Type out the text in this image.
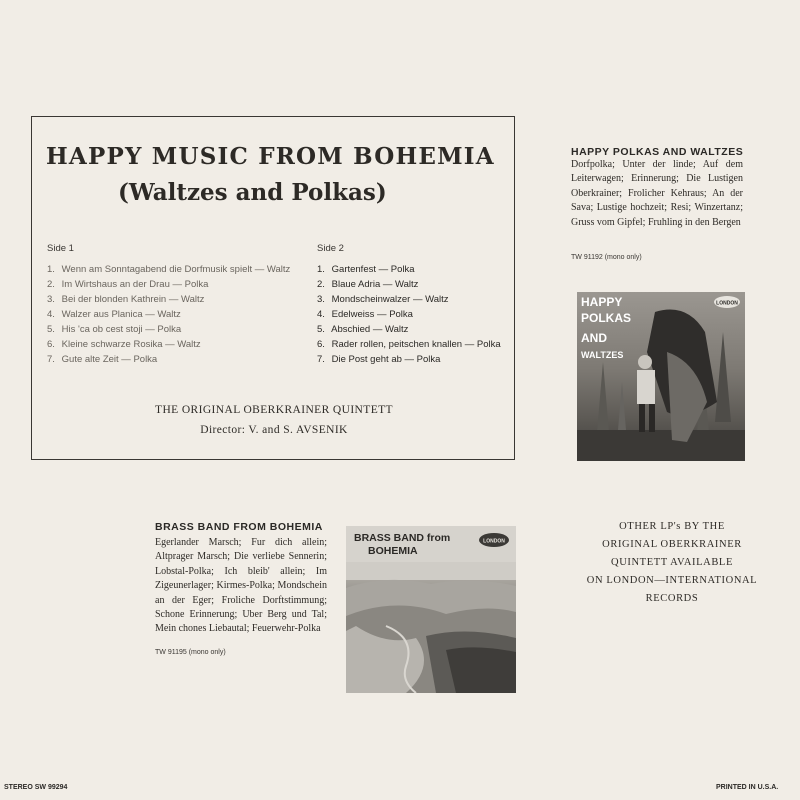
HAPPY MUSIC FROM BOHEMIA
(Waltzes and Polkas)
Side 1	Side 2
1. Wenn am Sonntagabend die Dorfmusik spielt — Waltz
2. Im Wirtshaus an der Drau — Polka
3. Bei der blonden Kathrein — Waltz
4. Walzer aus Planica — Waltz
5. His 'ca ob cest stoji — Polka
6. Kleine schwarze Rosika — Waltz
7. Gute alte Zeit — Polka
1. Gartenfest — Polka
2. Blaue Adria — Waltz
3. Mondscheinwalzer — Waltz
4. Edelweiss — Polka
5. Abschied — Waltz
6. Rader rollen, peitschen knallen — Polka
7. Die Post geht ab — Polka
THE ORIGINAL OBERKRAINER QUINTETT
Director: V. and S. AVSENIK
HAPPY POLKAS AND WALTZES
Dorfpolka; Unter der linde; Auf dem Leiterwagen; Erinnerung; Die Lustigen Oberkrainer; Frolicher Kehraus; An der Sava; Lustige hochzeit; Resi; Winzertanz; Gruss vom Gipfel; Fruhling in den Bergen
TW 91192 (mono only)
HAPPY
POLKAS
AND
WALTZES
LONDON
BRASS BAND FROM BOHEMIA
Egerlander Marsch; Fur dich allein; Altprager Marsch; Die verliebe Sennerin; Lobstal-Polka; Ich bleib' allein; Im Zigeunerlager; Kirmes-Polka; Mondschein an der Eger; Froliche Dorftstimmung; Schone Erinnerung; Uber Berg und Tal; Mein chones Liebautal; Feuerwehr-Polka
TW 91195 (mono only)
BRASS BAND from
BOHEMIA
LONDON
OTHER LP's BY THE
ORIGINAL OBERKRAINER
QUINTETT AVAILABLE
ON LONDON—INTERNATIONAL
RECORDS
STEREO SW 99294	PRINTED IN U.S.A.
